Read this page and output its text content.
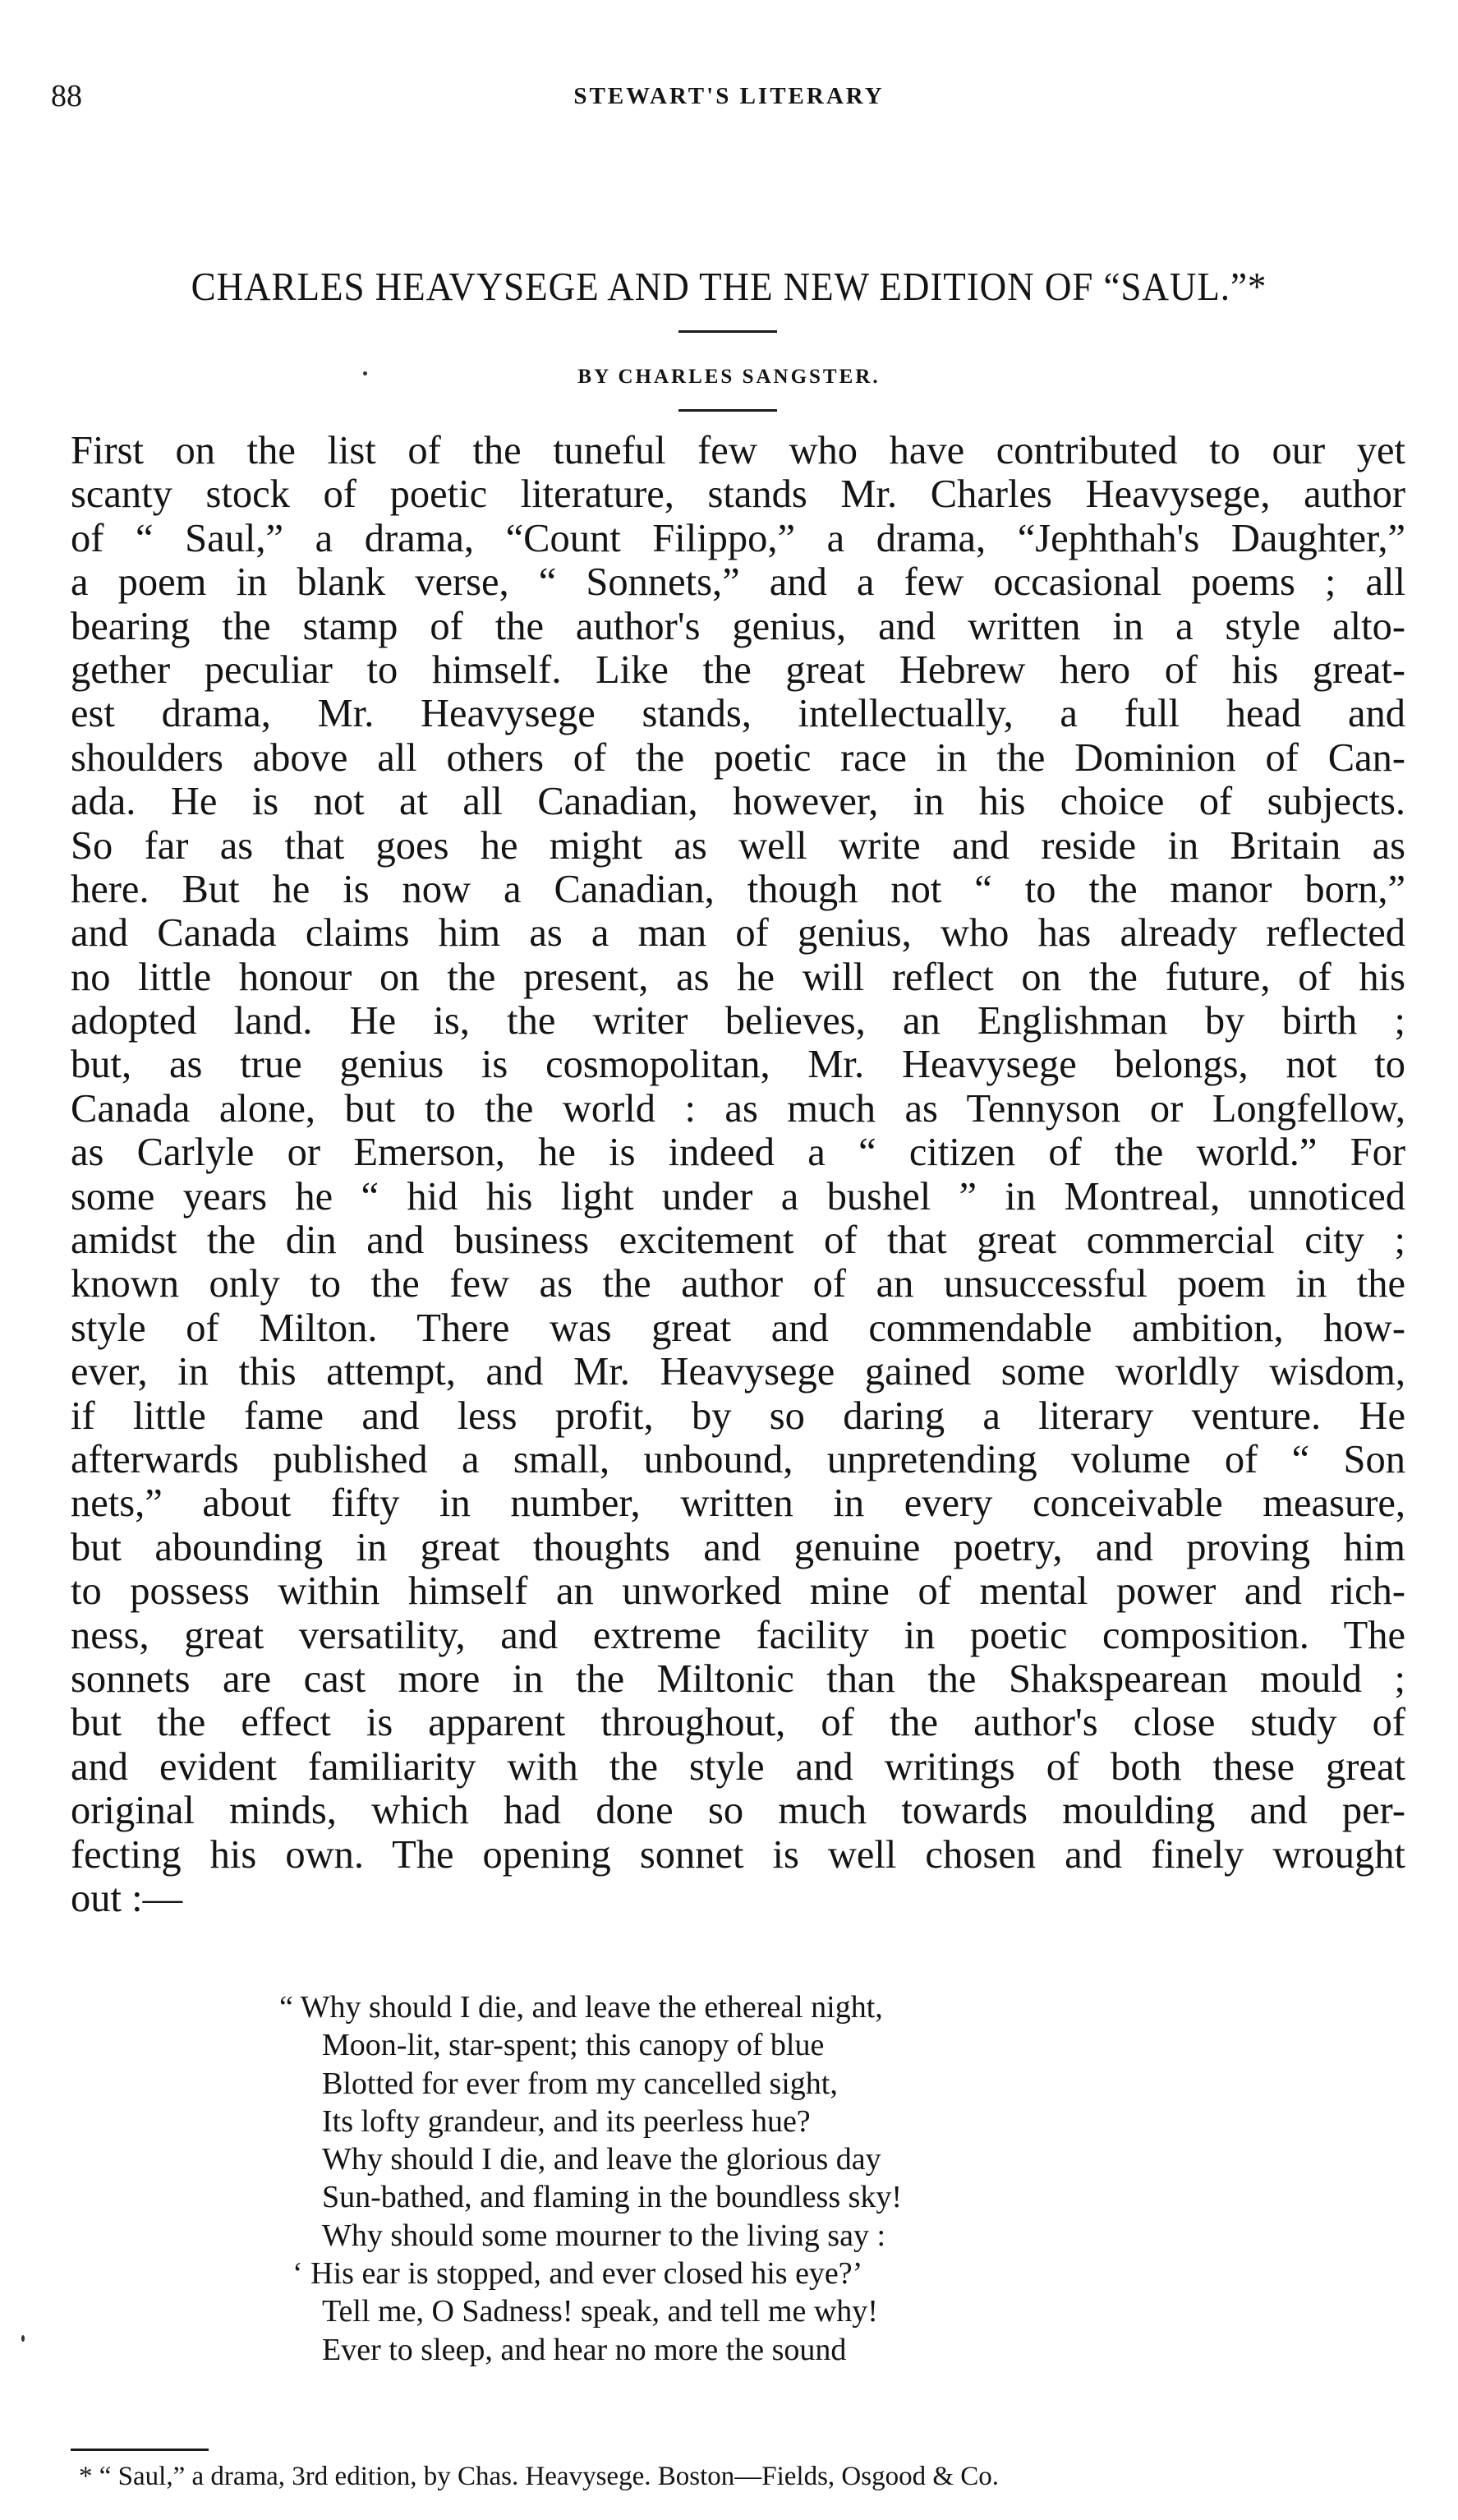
88	STEWART'S LITERARY
CHARLES HEAVYSEGE AND THE NEW EDITION OF “SAUL.”*
BY CHARLES SANGSTER.
First on the list of the tuneful few who have contributed to our yet
scanty stock of poetic literature, stands Mr. Charles Heavysege, author
of “ Saul,” a drama, “Count Filippo,” a drama, “Jephthah's Daughter,”
a poem in blank verse, “ Sonnets,” and a few occasional poems ; all
bearing the stamp of the author's genius, and written in a style alto-
gether peculiar to himself. Like the great Hebrew hero of his great-
est drama, Mr. Heavysege stands, intellectually, a full head and
shoulders above all others of the poetic race in the Dominion of Can-
ada. He is not at all Canadian, however, in his choice of subjects.
So far as that goes he might as well write and reside in Britain as
here. But he is now a Canadian, though not “ to the manor born,”
and Canada claims him as a man of genius, who has already reflected
no little honour on the present, as he will reflect on the future, of his
adopted land. He is, the writer believes, an Englishman by birth ;
but, as true genius is cosmopolitan, Mr. Heavysege belongs, not to
Canada alone, but to the world : as much as Tennyson or Longfellow,
as Carlyle or Emerson, he is indeed a “ citizen of the world.” For
some years he “ hid his light under a bushel ” in Montreal, unnoticed
amidst the din and business excitement of that great commercial city ;
known only to the few as the author of an unsuccessful poem in the
style of Milton. There was great and commendable ambition, how-
ever, in this attempt, and Mr. Heavysege gained some worldly wisdom,
if little fame and less profit, by so daring a literary venture. He
afterwards published a small, unbound, unpretending volume of “ Son
nets,” about fifty in number, written in every conceivable measure,
but abounding in great thoughts and genuine poetry, and proving him
to possess within himself an unworked mine of mental power and rich-
ness, great versatility, and extreme facility in poetic composition. The
sonnets are cast more in the Miltonic than the Shakspearean mould ;
but the effect is apparent throughout, of the author's close study of
and evident familiarity with the style and writings of both these great
original minds, which had done so much towards moulding and per-
fecting his own. The opening sonnet is well chosen and finely wrought
out :—
“ Why should I die, and leave the ethereal night,
Moon-lit, star-spent; this canopy of blue
Blotted for ever from my cancelled sight,
Its lofty grandeur, and its peerless hue?
Why should I die, and leave the glorious day
Sun-bathed, and flaming in the boundless sky!
Why should some mourner to the living say :
‘ His ear is stopped, and ever closed his eye?’
Tell me, O Sadness! speak, and tell me why!
Ever to sleep, and hear no more the sound
* “ Saul,” a drama, 3rd edition, by Chas. Heavysege. Boston—Fields, Osgood & Co.
